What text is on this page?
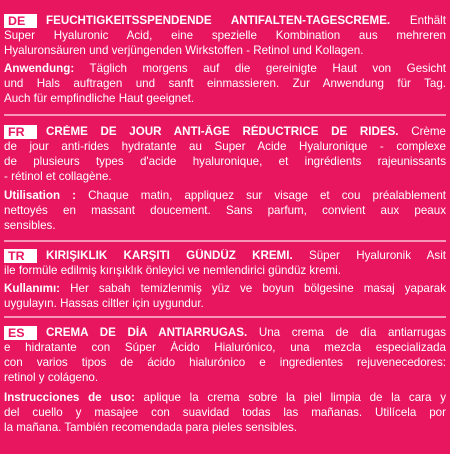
DE FEUCHTIGKEITSSPENDENDE ANTIFALTEN-TAGESCREME. Enthält
Super Hyaluronic Acid, eine spezielle Kombination aus mehreren
Hyaluronsäuren und verjüngenden Wirkstoffen - Retinol und Kollagen.
Anwendung: Täglich morgens auf die gereinigte Haut von Gesicht
und Hals auftragen und sanft einmassieren. Zur Anwendung für Tag.
Auch für empfindliche Haut geeignet.
FR CRÈME DE JOUR ANTI-ÂGE RÉDUCTRICE DE RIDES. Crème
de jour anti-rides hydratante au Super Acide Hyaluronique - complexe
de plusieurs types d'acide hyaluronique, et ingrédients rajeunissants
- rétinol et collagène.
Utilisation : Chaque matin, appliquez sur visage et cou préalablement
nettoyés en massant doucement. Sans parfum, convient aux peaux
sensibles.
TR KIRIŞIKLIK KARŞITI GÜNDÜZ KREMI. Süper Hyaluronik Asit
ile formüle edilmiş kırışıklık önleyici ve nemlendirici gündüz kremi.
Kullanımı: Her sabah temizlenmiş yüz ve boyun bölgesine masaj yaparak
uygulayın. Hassas ciltler için uygundur.
ES CREMA DE DÍA ANTIARRUGAS. Una crema de día antiarrugas
e hidratante con Súper Ácido Hialurónico, una mezcla especializada
con varios tipos de ácido hialurónico e ingredientes rejuvenecedores:
retinol y colágeno.
Instrucciones de uso: aplique la crema sobre la piel limpia de la cara y
del cuello y masajee con suavidad todas las mañanas. Utilícela por
la mañana. También recomendada para pieles sensibles.
